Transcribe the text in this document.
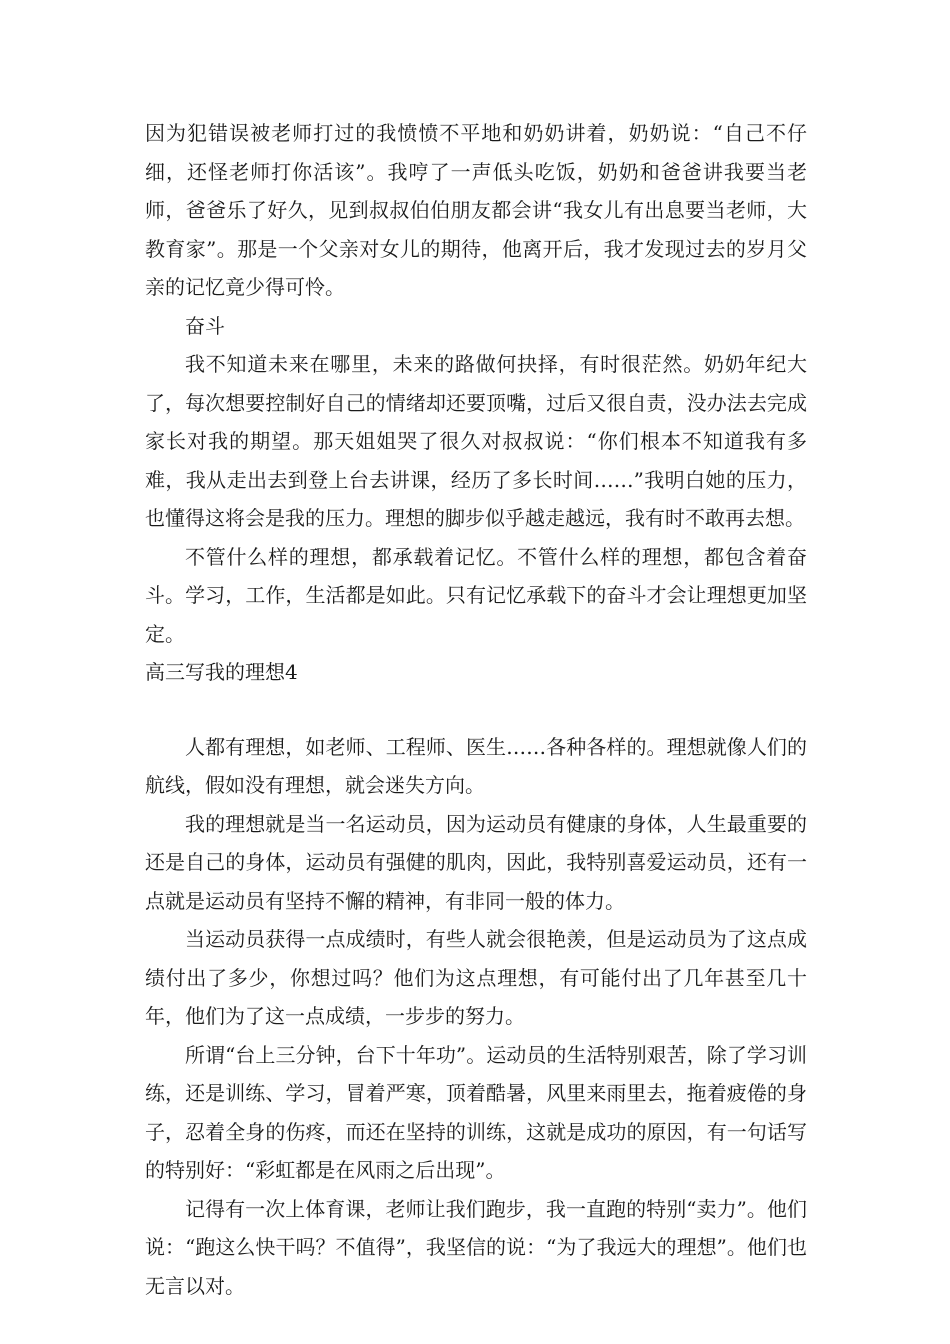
因为犯错误被老师打过的我愤愤不平地和奶奶讲着，奶奶说：“自己不仔细，还怪老师打你活该”。我哼了一声低头吃饭，奶奶和爸爸讲我要当老师，爸爸乐了好久，见到叔叔伯伯朋友都会讲“我女儿有出息要当老师，大教育家”。那是一个父亲对女儿的期待，他离开后，我才发现过去的岁月父亲的记忆竟少得可怜。

奋斗

我不知道未来在哪里，未来的路做何抉择，有时很茫然。奶奶年纪大了，每次想要控制好自己的情绪却还要顶嘴，过后又很自责，没办法去完成家长对我的期望。那天姐姐哭了很久对叔叔说：“你们根本不知道我有多难，我从走出去到登上台去讲课，经历了多长时间……”我明白她的压力，也懂得这将会是我的压力。理想的脚步似乎越走越远，我有时不敢再去想。

不管什么样的理想，都承载着记忆。不管什么样的理想，都包含着奋斗。学习，工作，生活都是如此。只有记忆承载下的奋斗才会让理想更加坚定。

高三写我的理想4

人都有理想，如老师、工程师、医生……各种各样的。理想就像人们的航线，假如没有理想，就会迷失方向。

我的理想就是当一名运动员，因为运动员有健康的身体，人生最重要的还是自己的身体，运动员有强健的肌肉，因此，我特别喜爱运动员，还有一点就是运动员有坚持不懈的精神，有非同一般的体力。

当运动员获得一点成绩时，有些人就会很艳羡，但是运动员为了这点成绩付出了多少，你想过吗？他们为这点理想，有可能付出了几年甚至几十年，他们为了这一点成绩，一步步的努力。

所谓“台上三分钟，台下十年功”。运动员的生活特别艰苦，除了学习训练，还是训练、学习，冒着严寒，顶着酷暑，风里来雨里去，拖着疲倦的身子，忍着全身的伤疼，而还在坚持的训练，这就是成功的原因，有一句话写的特别好：“彩虹都是在风雨之后出现”。

记得有一次上体育课，老师让我们跑步，我一直跑的特别“卖力”。他们说：“跑这么快干吗？不值得”，我坚信的说：“为了我远大的理想”。他们也无言以对。
